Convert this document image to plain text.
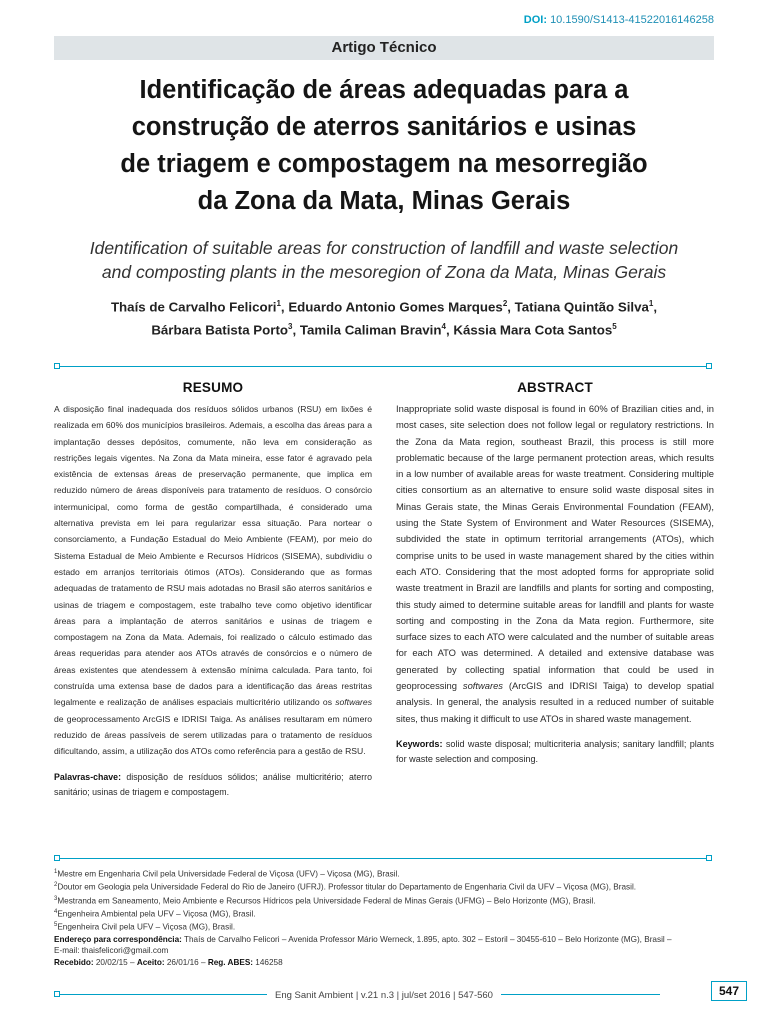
DOI: 10.1590/S1413-41522016146258
Artigo Técnico
Identificação de áreas adequadas para a
construção de aterros sanitários e usinas
de triagem e compostagem na mesorregião
da Zona da Mata, Minas Gerais
Identification of suitable areas for construction of landfill and waste selection
and composting plants in the mesoregion of Zona da Mata, Minas Gerais
Thaís de Carvalho Felicori$^1$, Eduardo Antonio Gomes Marques$^2$, Tatiana Quintão Silva$^1$,
Bárbara Batista Porto$^3$, Tamila Caliman Bravin$^4$, Kássia Mara Cota Santos$^5$
RESUMO

A disposição final inadequada dos resíduos sólidos urbanos (RSU) em lixões é realizada em 60% dos municípios brasileiros. Ademais, a escolha das áreas para a implantação desses depósitos, comumente, não leva em consideração as restrições legais vigentes. Na Zona da Mata mineira, esse fator é agravado pela existência de extensas áreas de preservação permanente, que implica em reduzido número de áreas disponíveis para tratamento de resíduos. O consórcio intermunicipal, como forma de gestão compartilhada, é considerado uma alternativa prevista em lei para regularizar essa situação. Para nortear o consorciamento, a Fundação Estadual do Meio Ambiente (FEAM), por meio do Sistema Estadual de Meio Ambiente e Recursos Hídricos (SISEMA), subdividiu o estado em arranjos territoriais ótimos (ATOs). Considerando que as formas adequadas de tratamento de RSU mais adotadas no Brasil são aterros sanitários e usinas de triagem e compostagem, este trabalho teve como objetivo identificar áreas para a implantação de aterros sanitários e usinas de triagem e compostagem na Zona da Mata. Ademais, foi realizado o cálculo estimado das áreas requeridas para atender aos ATOs através de consórcios e o número de áreas existentes que atendessem à extensão mínima calculada. Para tanto, foi construída uma extensa base de dados para a identificação das áreas restritas legalmente e realização de análises espaciais multicritério utilizando os softwares de geoprocessamento ArcGIS e IDRISI Taiga. As análises resultaram em número reduzido de áreas passíveis de serem utilizadas para o tratamento de resíduos dificultando, assim, a utilização dos ATOs como referência para a gestão de RSU.

Palavras-chave: disposição de resíduos sólidos; análise multicritério; aterro sanitário; usinas de triagem e compostagem.
ABSTRACT

Inappropriate solid waste disposal is found in 60% of Brazilian cities and, in most cases, site selection does not follow legal or regulatory restrictions. In the Zona da Mata region, southeast Brazil, this process is still more problematic because of the large permanent protection areas, which results in a low number of available areas for waste treatment. Considering multiple cities consortium as an alternative to ensure solid waste disposal sites in Minas Gerais state, the Minas Gerais Environmental Foundation (FEAM), using the State System of Environment and Water Resources (SISEMA), subdivided the state in optimum territorial arrangements (ATOs), which comprise units to be used in waste management shared by the cities within each ATO. Considering that the most adopted forms for appropriate solid waste treatment in Brazil are landfills and plants for sorting and composting, this study aimed to determine suitable areas for landfill and plants for waste sorting and composting in the Zona da Mata region. Furthermore, site surface sizes to each ATO were calculated and the number of suitable areas for each ATO was determined. A detailed and extensive database was generated by collecting spatial information that could be used in geoprocessing softwares (ArcGIS and IDRISI Taiga) to develop spatial analysis. In general, the analysis resulted in a reduced number of suitable sites, thus making it difficult to use ATOs in shared waste management.

Keywords: solid waste disposal; multicriteria analysis; sanitary landfill; plants for waste selection and composing.
$^1$Mestre em Engenharia Civil pela Universidade Federal de Viçosa (UFV) – Viçosa (MG), Brasil.
$^2$Doutor em Geologia pela Universidade Federal do Rio de Janeiro (UFRJ). Professor titular do Departamento de Engenharia Civil da UFV – Viçosa (MG), Brasil.
$^3$Mestranda em Saneamento, Meio Ambiente e Recursos Hídricos pela Universidade Federal de Minas Gerais (UFMG) – Belo Horizonte (MG), Brasil.
$^4$Engenheira Ambiental pela UFV – Viçosa (MG), Brasil.
$^5$Engenheira Civil pela UFV – Viçosa (MG), Brasil.
Endereço para correspondência: Thaís de Carvalho Felicori – Avenida Professor Mário Werneck, 1.895, apto. 302 – Estoril – 30455-610 – Belo Horizonte (MG), Brasil –
E-mail: thaisfelicori@gmail.com
Recebido: 20/02/15 – Aceito: 26/01/16 – Reg. ABES: 146258
Eng Sanit Ambient | v.21 n.3 | jul/set 2016 | 547-560	547
